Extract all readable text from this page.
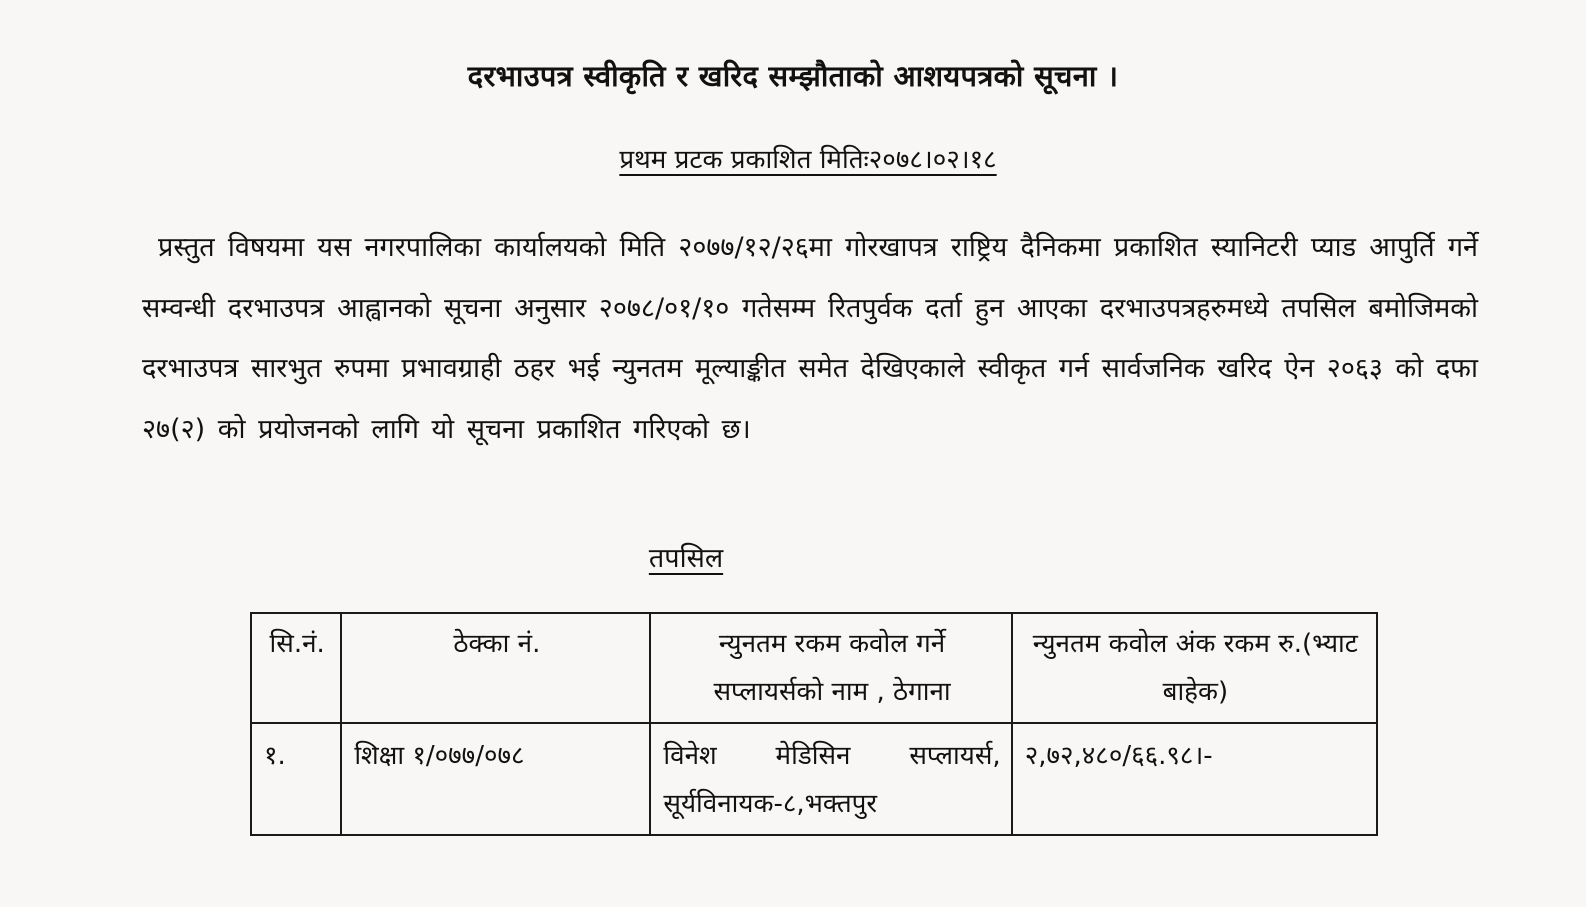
दरभाउपत्र स्वीकृति र खरिद सम्झौताको आशयपत्रको सूचना ।
प्रथम प्रटक प्रकाशित मितिः२०७८।०२।१८
प्रस्तुत विषयमा यस नगरपालिका कार्यालयको मिति २०७७/१२/२६मा गोरखापत्र राष्ट्रिय दैनिकमा प्रकाशित स्यानिटरी प्याड आपुर्ति गर्ने सम्वन्धी दरभाउपत्र आह्वानको सूचना अनुसार २०७८/०१/१० गतेसम्म रितपुर्वक दर्ता हुन आएका दरभाउपत्रहरुमध्ये तपसिल बमोजिमको दरभाउपत्र सारभुत रुपमा प्रभावग्राही ठहर भई न्युनतम मूल्याङ्कीत समेत देखिएकाले स्वीकृत गर्न सार्वजनिक खरिद ऐन २०६३ को दफा २७(२) को प्रयोजनको लागि यो सूचना प्रकाशित गरिएको छ।
तपसिल
सि.नं.	ठेक्का नं.	न्युनतम रकम कवोल गर्ने सप्लायर्सको नाम , ठेगाना	न्युनतम कवोल अंक रकम रु.(भ्याट बाहेक)
१.	शिक्षा १/०७७/०७८	विनेश मेडिसिन सप्लायर्स, सूर्यविनायक-८,भक्तपुर	२,७२,४८०/६६.९८।-
